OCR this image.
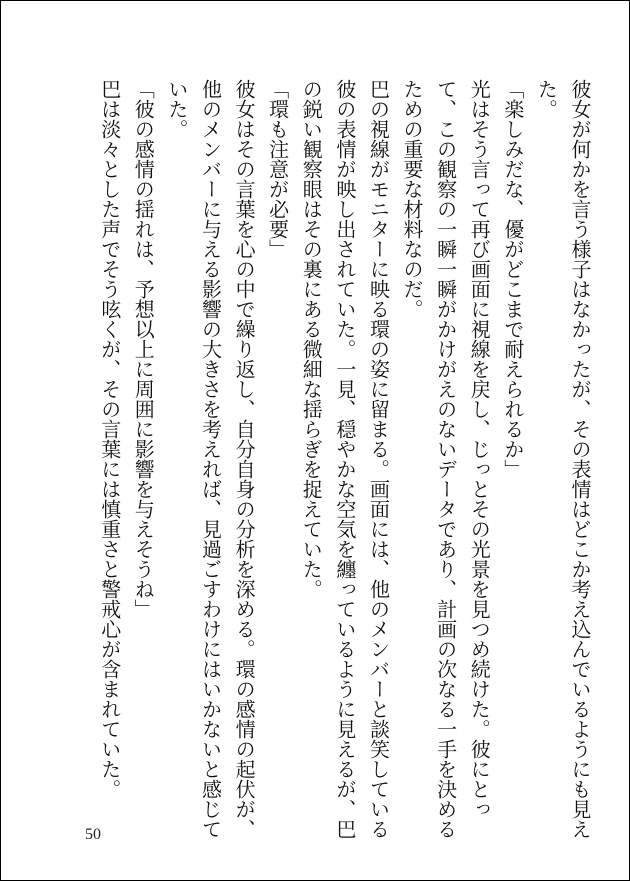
彼女が何かを言う様子はなかったが、その表情はどこか考え込んでいるようにも見えた。

「楽しみだな、優がどこまで耐えられるか」

光はそう言って再び画面に視線を戻し、じっとその光景を見つめ続けた。彼にとって、この観察の一瞬一瞬がかけがえのないデータであり、計画の次なる一手を決めるための重要な材料なのだ。

巴の視線がモニターに映る環の姿に留まる。画面には、他のメンバーと談笑している彼の表情が映し出されていた。一見、穏やかな空気を纏っているように見えるが、巴の鋭い観察眼はその裏にある微細な揺らぎを捉えていた。

「環も注意が必要」

彼女はその言葉を心の中で繰り返し、自分自身の分析を深める。環の感情の起伏が、他のメンバーに与える影響の大きさを考えれば、見過ごすわけにはいかないと感じていた。

「彼の感情の揺れは、予想以上に周囲に影響を与えそうね」

巴は淡々とした声でそう呟くが、その言葉には慎重さと警戒心が含まれていた。

50
